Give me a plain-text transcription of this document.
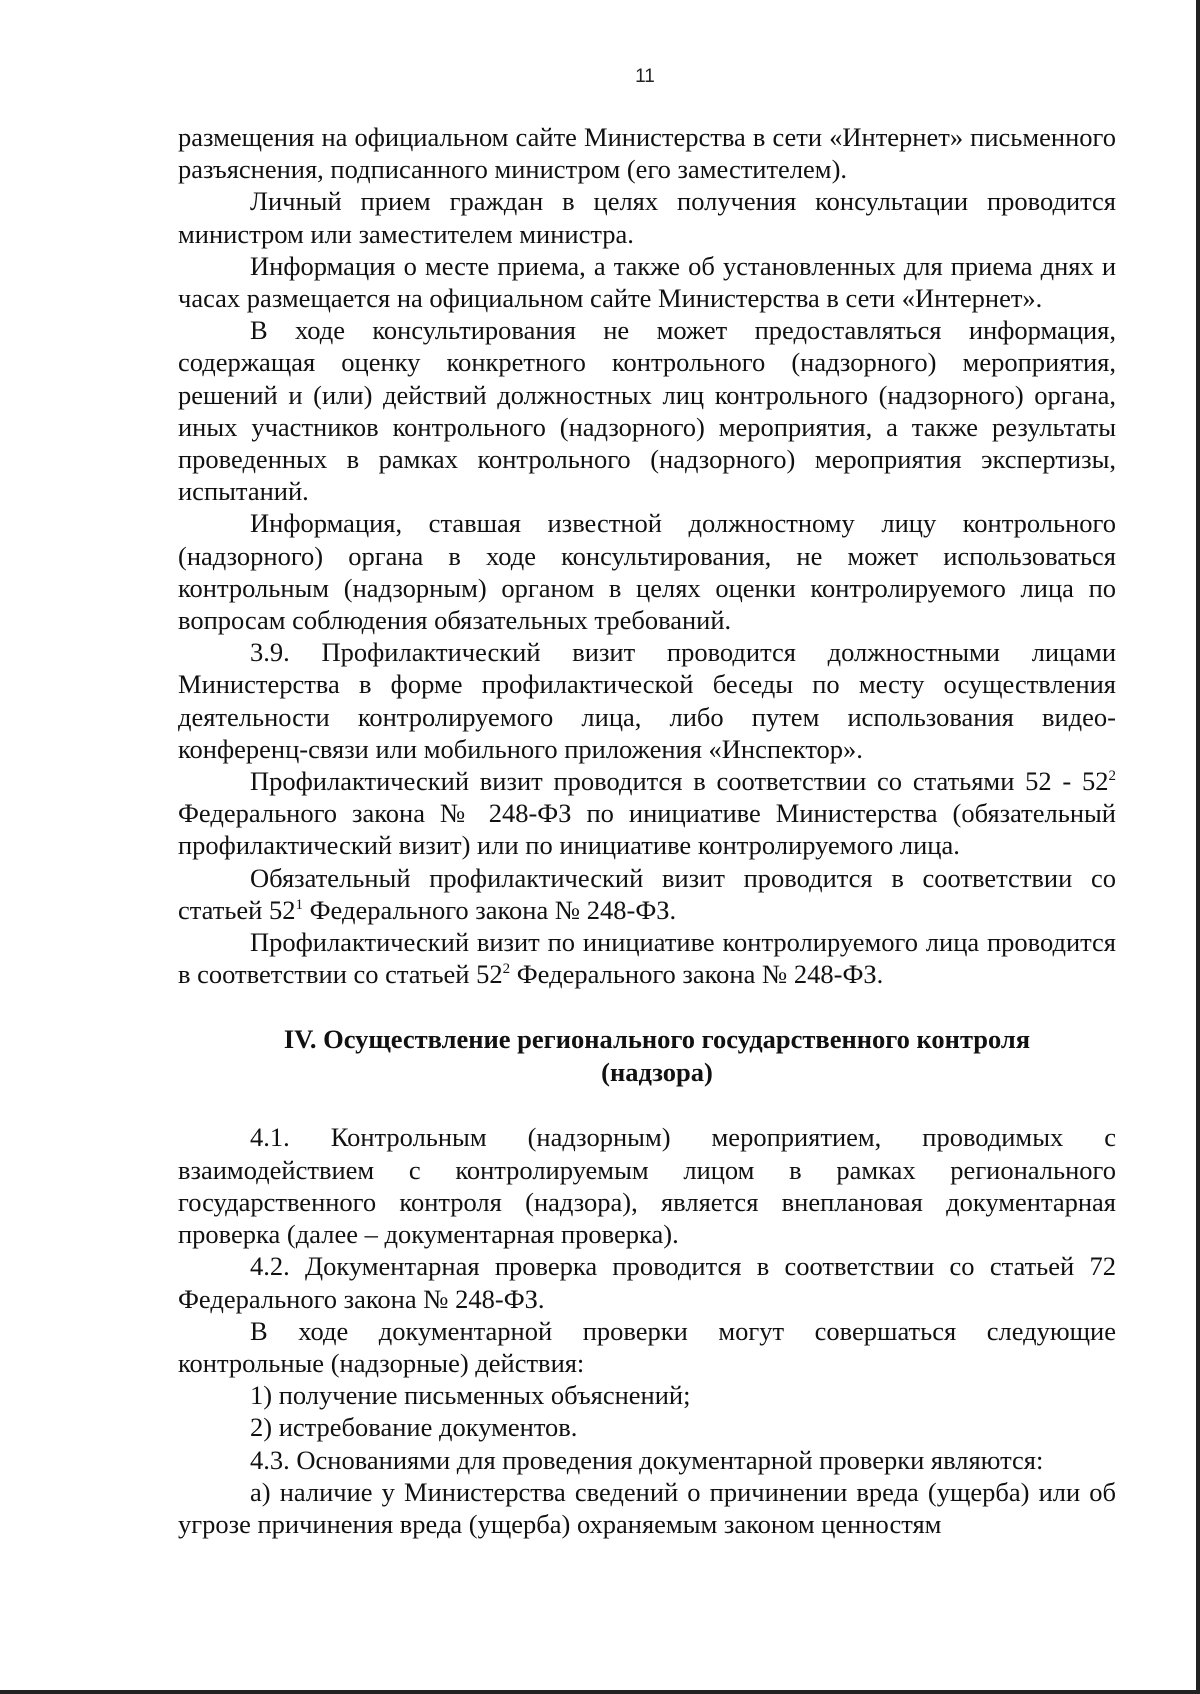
11

размещения на официальном сайте Министерства в сети «Интернет» письменного разъяснения, подписанного министром (его заместителем).

Личный прием граждан в целях получения консультации проводится министром или заместителем министра.

Информация о месте приема, а также об установленных для приема днях и часах размещается на официальном сайте Министерства в сети «Интернет».

В ходе консультирования не может предоставляться информация, содержащая оценку конкретного контрольного (надзорного) мероприятия, решений и (или) действий должностных лиц контрольного (надзорного) органа, иных участников контрольного (надзорного) мероприятия, а также результаты проведенных в рамках контрольного (надзорного) мероприятия экспертизы, испытаний.

Информация, ставшая известной должностному лицу контрольного (надзорного) органа в ходе консультирования, не может использоваться контрольным (надзорным) органом в целях оценки контролируемого лица по вопросам соблюдения обязательных требований.

3.9. Профилактический визит проводится должностными лицами Министерства в форме профилактической беседы по месту осуществления деятельности контролируемого лица, либо путем использования видео-конференц-связи или мобильного приложения «Инспектор».

Профилактический визит проводится в соответствии со статьями $52 - 52^2$ Федерального закона № 248-ФЗ по инициативе Министерства (обязательный профилактический визит) или по инициативе контролируемого лица.

Обязательный профилактический визит проводится в соответствии со статьей $52^1$ Федерального закона № 248-ФЗ.

Профилактический визит по инициативе контролируемого лица проводится в соответствии со статьей $52^2$ Федерального закона № 248-ФЗ.

IV. Осуществление регионального государственного контроля
(надзора)

4.1. Контрольным (надзорным) мероприятием, проводимых с взаимодействием с контролируемым лицом в рамках регионального государственного контроля (надзора), является внеплановая документарная проверка (далее – документарная проверка).

4.2. Документарная проверка проводится в соответствии со статьей 72 Федерального закона № 248-ФЗ.

В ходе документарной проверки могут совершаться следующие контрольные (надзорные) действия:

1) получение письменных объяснений;

2) истребование документов.

4.3. Основаниями для проведения документарной проверки являются:

а) наличие у Министерства сведений о причинении вреда (ущерба) или об угрозе причинения вреда (ущерба) охраняемым законом ценностям
